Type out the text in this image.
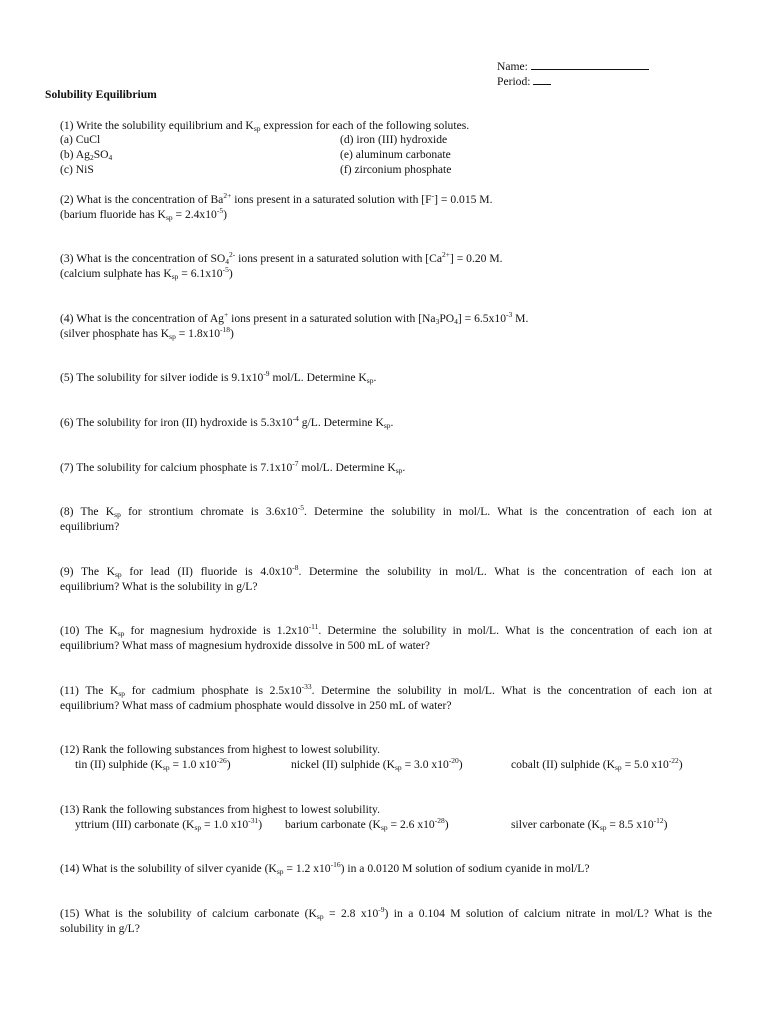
Name:
Period:
Solubility Equilibrium
(1) Write the solubility equilibrium and $K_{sp}$ expression for each of the following solutes.
(a) CuCl
(b) $Ag_2SO_4$
(c) NiS
(d) iron (III) hydroxide
(e) aluminum carbonate
(f) zirconium phosphate
(2) What is the concentration of $Ba^{2+}$ ions present in a saturated solution with [F-] = 0.015 M.
(barium fluoride has $K_{sp} = 2.4x10^{-5}$)
(3) What is the concentration of $SO_4^{2-}$ ions present in a saturated solution with $[Ca^{2+}] = 0.20$ M.
(calcium sulphate has $K_{sp} = 6.1x10^{-5}$)
(4) What is the concentration of Ag+ ions present in a saturated solution with $[Na_3PO_4] = 6.5x10^{-3}$ M.
(silver phosphate has $K_{sp} = 1.8x10^{-18}$)
(5) The solubility for silver iodide is $9.1x10^{-9}$ mol/L. Determine $K_{sp}$.
(6) The solubility for iron (II) hydroxide is $5.3x10^{-4}$ g/L. Determine $K_{sp}$.
(7) The solubility for calcium phosphate is $7.1x10^{-7}$ mol/L. Determine $K_{sp}$.
(8) The $K_{sp}$ for strontium chromate is $3.6x10^{-5}$. Determine the solubility in mol/L. What is the concentration of each ion at
equilibrium?
(9) The $K_{sp}$ for lead (II) fluoride is $4.0x10^{-8}$. Determine the solubility in mol/L. What is the concentration of each ion at
equilibrium? What is the solubility in g/L?
(10) The $K_{sp}$ for magnesium hydroxide is $1.2x10^{-11}$. Determine the solubility in mol/L. What is the concentration of each ion at
equilibrium? What mass of magnesium hydroxide dissolve in 500 mL of water?
(11) The $K_{sp}$ for cadmium phosphate is $2.5x10^{-33}$. Determine the solubility in mol/L. What is the concentration of each ion at
equilibrium? What mass of cadmium phosphate would dissolve in 250 mL of water?
(12) Rank the following substances from highest to lowest solubility.
tin (II) sulphide ($K_{sp} = 1.0$ $x10^{-26}$)	nickel (II) sulphide ($K_{sp} = 3.0$ $x10^{-20}$)	cobalt (II) sulphide ($K_{sp} = 5.0$ $x10^{-22}$)
(13) Rank the following substances from highest to lowest solubility.
yttrium (III) carbonate ($K_{sp} = 1.0$ $x10^{-31}$) barium carbonate ($K_{sp} = 2.6$ $x10^{-28}$)	silver carbonate ($K_{sp} = 8.5$ $x10^{-12}$)
(14) What is the solubility of silver cyanide ($K_{sp} = 1.2$ $x10^{-16}$) in a 0.0120 M solution of sodium cyanide in mol/L?
(15) What is the solubility of calcium carbonate ($K_{sp} = 2.8$ $x10^{-9}$) in a 0.104 M solution of calcium nitrate in mol/L? What is the
solubility in g/L?
